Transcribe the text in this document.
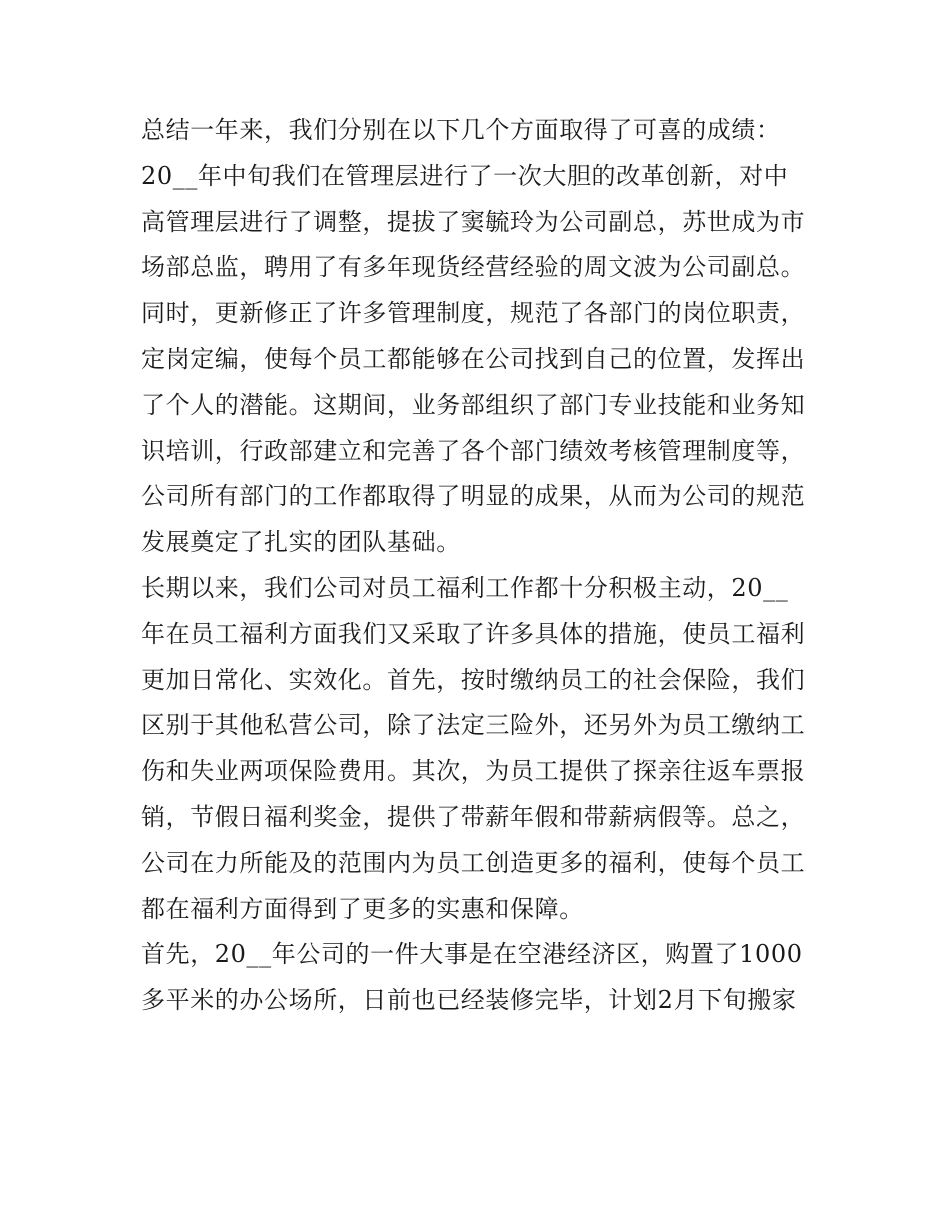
总结一年来，我们分别在以下几个方面取得了可喜的成绩：
20__年中旬我们在管理层进行了一次大胆的改革创新，对中
高管理层进行了调整，提拔了窦毓玲为公司副总，苏世成为市
场部总监，聘用了有多年现货经营经验的周文波为公司副总。
同时，更新修正了许多管理制度，规范了各部门的岗位职责，
定岗定编，使每个员工都能够在公司找到自己的位置，发挥出
了个人的潜能。这期间，业务部组织了部门专业技能和业务知
识培训，行政部建立和完善了各个部门绩效考核管理制度等，
公司所有部门的工作都取得了明显的成果，从而为公司的规范
发展奠定了扎实的团队基础。
长期以来，我们公司对员工福利工作都十分积极主动，20__
年在员工福利方面我们又采取了许多具体的措施，使员工福利
更加日常化、实效化。首先，按时缴纳员工的社会保险，我们
区别于其他私营公司，除了法定三险外，还另外为员工缴纳工
伤和失业两项保险费用。其次，为员工提供了探亲往返车票报
销，节假日福利奖金，提供了带薪年假和带薪病假等。总之，
公司在力所能及的范围内为员工创造更多的福利，使每个员工
都在福利方面得到了更多的实惠和保障。
首先，20__年公司的一件大事是在空港经济区，购置了1000
多平米的办公场所，日前也已经装修完毕，计划2月下旬搬家
